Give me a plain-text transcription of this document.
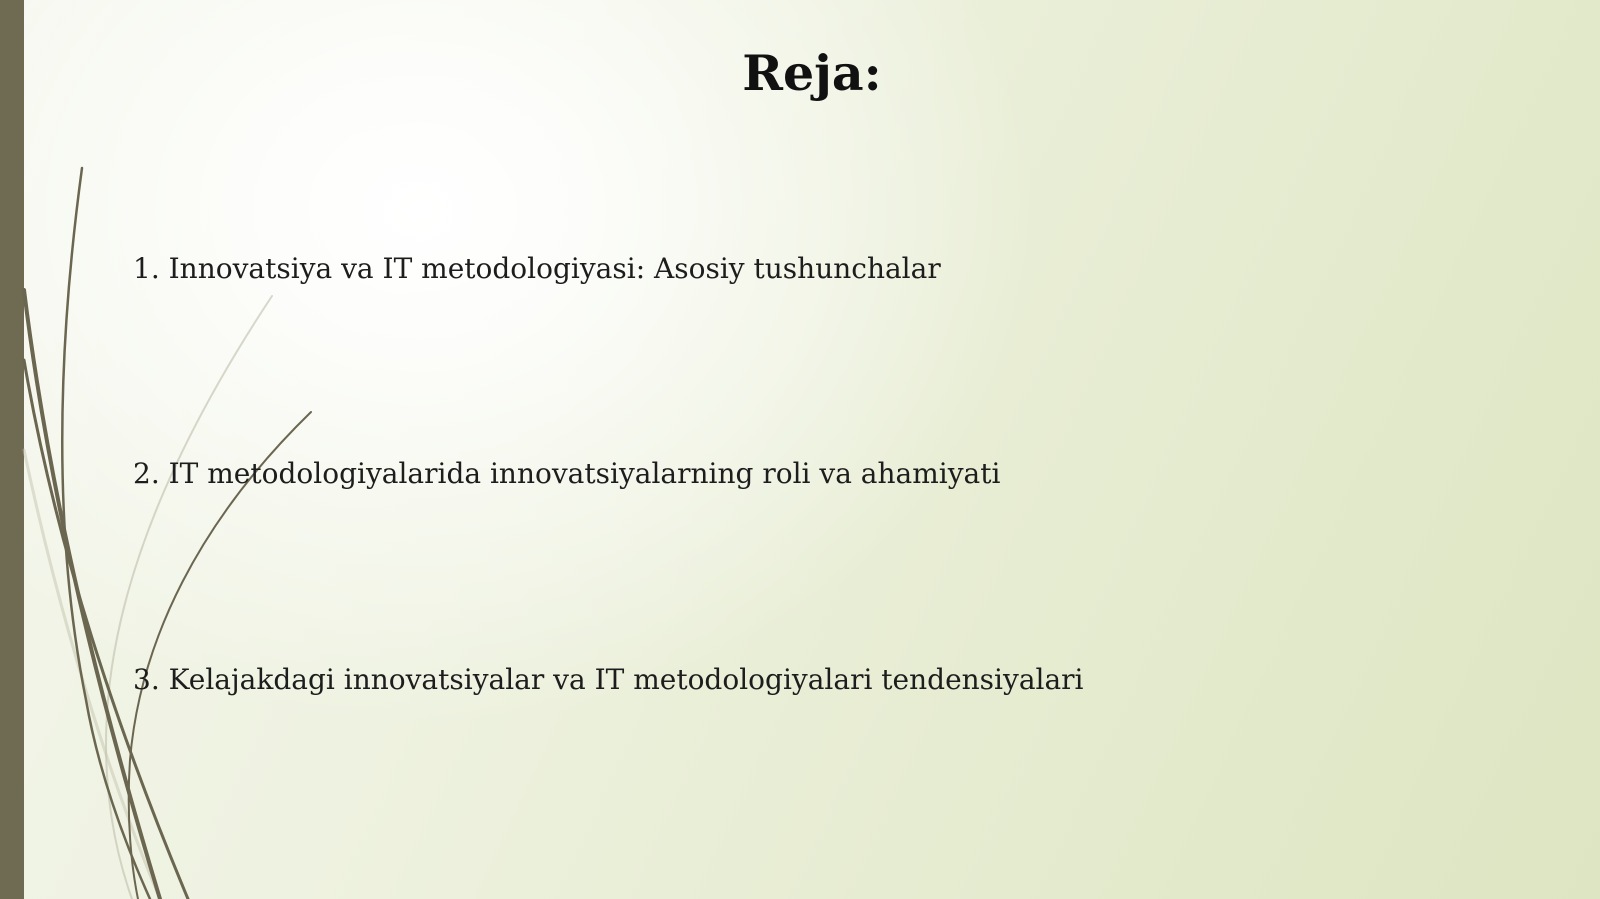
Reja:
1. Innovatsiya va IT metodologiyasi: Asosiy tushunchalar
2. IT metodologiyalarida innovatsiyalarning roli va ahamiyati
3. Kelajakdagi innovatsiyalar va IT metodologiyalari tendensiyalari
